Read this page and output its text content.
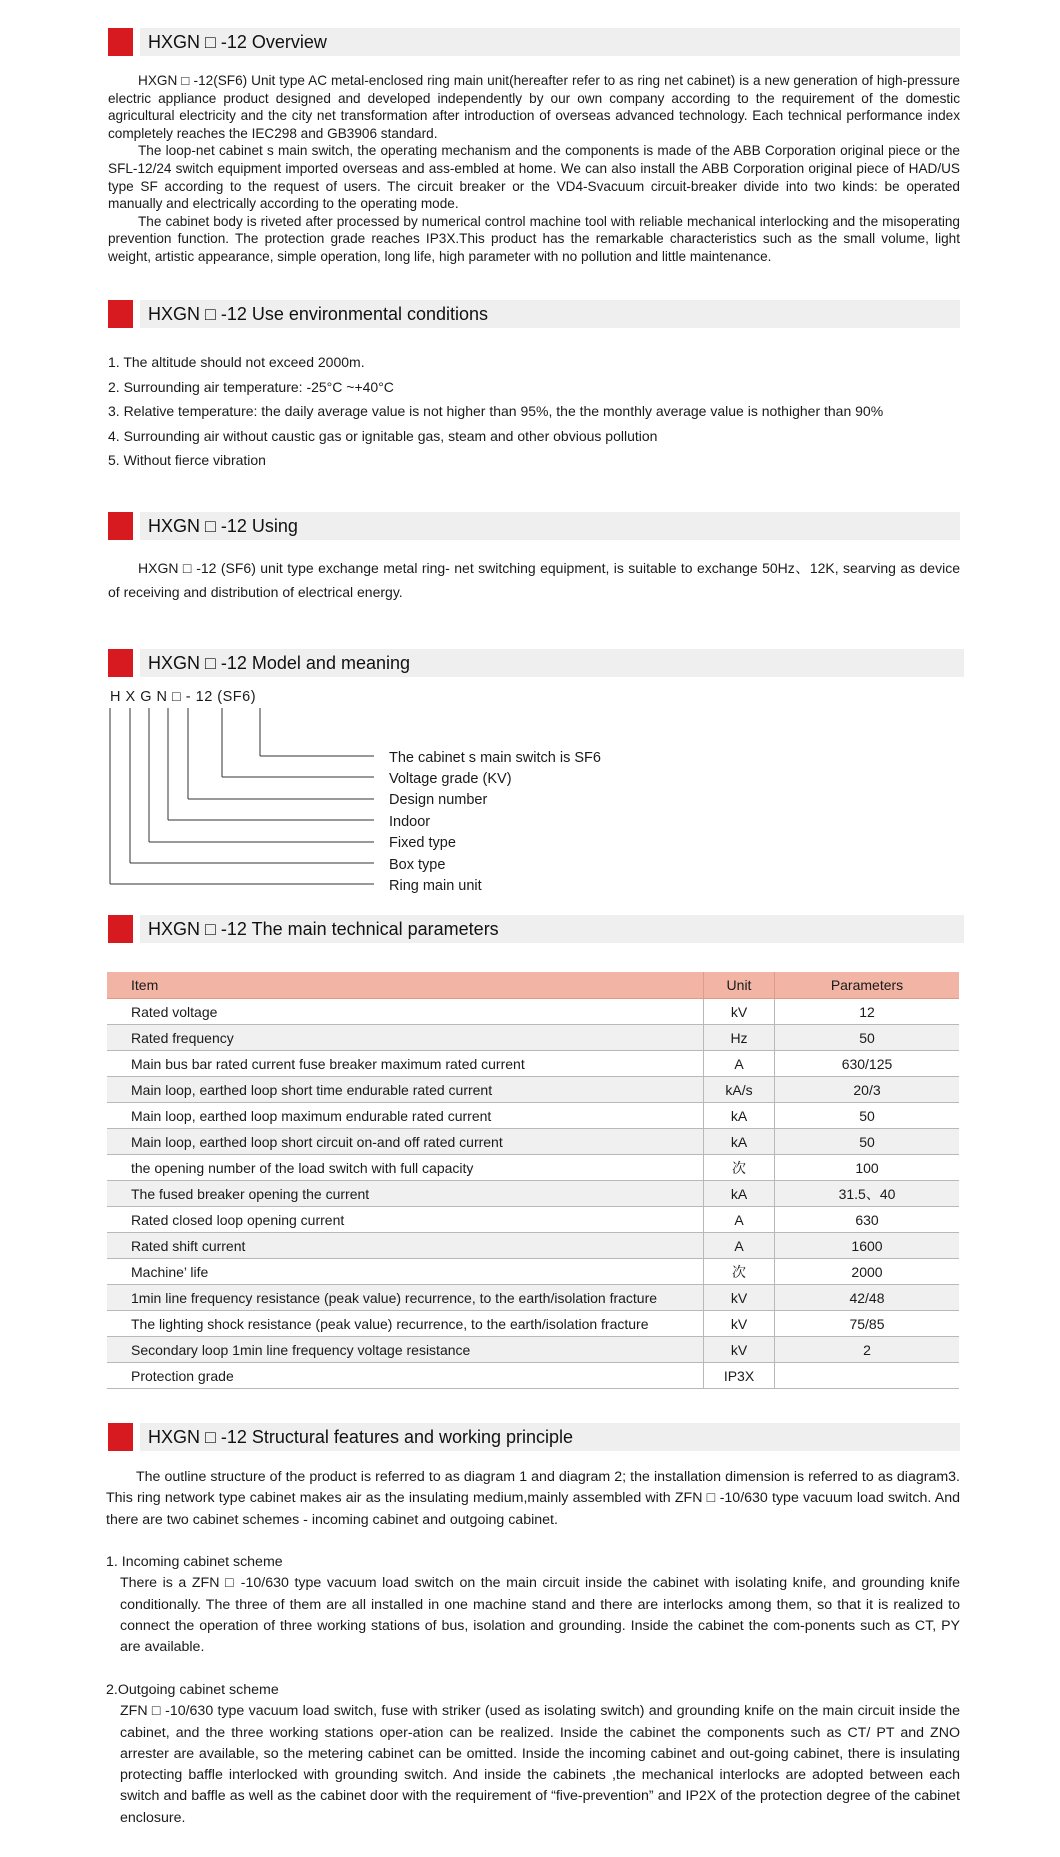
HXGN □ -12 Overview

HXGN □ -12(SF6) Unit type AC metal-enclosed ring main unit(hereafter refer to as ring net cabinet) is a new generation of high-pressure electric appliance product designed and developed independently by our own company according to the requirement of the domestic agricultural electricity and the city net transformation after introduction of overseas advanced technology. Each technical performance index completely reaches the IEC298 and GB3906 standard.

The loop-net cabinet s main switch, the operating mechanism and the components is made of the ABB Corporation original piece or the SFL-12/24 switch equipment imported overseas and ass-embled at home. We can also install the ABB Corporation original piece of HAD/US type SF according to the request of users. The circuit breaker or the VD4-Svacuum circuit-breaker divide into two kinds: be operated manually and electrically according to the operating mode.

The cabinet body is riveted after processed by numerical control machine tool with reliable mechanical interlocking and the misoperating prevention function. The protection grade reaches IP3X.This product has the remarkable characteristics such as the small volume, light weight, artistic appearance, simple operation, long life, high parameter with no pollution and little maintenance.

HXGN □ -12 Use environmental conditions
1. The altitude should not exceed 2000m.
2. Surrounding air temperature: -25°C ~+40°C
3. Relative temperature: the daily average value is not higher than 95%, the the monthly average value is nothigher than 90%
4. Surrounding air without caustic gas or ignitable gas, steam and other obvious pollution
5. Without fierce vibration
HXGN □ -12 Using

HXGN □ -12 (SF6) unit type exchange metal ring- net switching equipment, is suitable to exchange 50Hz、12K, searving as device of receiving and distribution of electrical energy.

HXGN □ -12 Model and meaning
H X G N □ - 12 (SF6)
The cabinet s main switch is SF6
Voltage grade (KV)
Design number
Indoor
Fixed type
Box type
Ring main unit
HXGN □ -12 The main technical parameters
Item	Unit	Parameters
Rated voltage	kV	12
Rated frequency	Hz	50
Main bus bar rated current fuse breaker maximum rated current	A	630/125
Main loop, earthed loop short time endurable rated current	kA/s	20/3
Main loop, earthed loop maximum endurable rated current	kA	50
Main loop, earthed loop short circuit on-and off rated current	kA	50
the opening number of the load switch with full capacity	次	100
The fused breaker opening the current	kA	31.5、40
Rated closed loop opening current	A	630
Rated shift current	A	1600
Machine’ life	次	2000
1min line frequency resistance (peak value) recurrence, to the earth/isolation fracture	kV	42/48
The lighting shock resistance (peak value) recurrence, to the earth/isolation fracture	kV	75/85
Secondary loop 1min line frequency voltage resistance	kV	2
Protection grade	IP3X	
HXGN □ -12 Structural features and working principle

The outline structure of the product is referred to as diagram 1 and diagram 2; the installation dimension is referred to as diagram3. This ring network type cabinet makes air as the insulating medium,mainly assembled with ZFN □ -10/630 type vacuum load switch. And there are two cabinet schemes - incoming cabinet and outgoing cabinet.

1. Incoming cabinet scheme

There is a ZFN □ -10/630 type vacuum load switch on the main circuit inside the cabinet with isolating knife, and grounding knife conditionally. The three of them are all installed in one machine stand and there are interlocks among them, so that it is realized to connect the operation of three working stations of bus, isolation and grounding. Inside the cabinet the com-ponents such as CT, PY are available.

2.Outgoing cabinet scheme

ZFN □ -10/630 type vacuum load switch, fuse with striker (used as isolating switch) and grounding knife on the main circuit inside the cabinet, and the three working stations oper-ation can be realized. Inside the cabinet the components such as CT/ PT and ZNO arrester are available, so the metering cabinet can be omitted. Inside the incoming cabinet and out-going cabinet, there is insulating protecting baffle interlocked with grounding switch. And inside the cabinets ,the mechanical interlocks are adopted between each switch and baffle as well as the cabinet door with the requirement of “five-prevention” and IP2X of the protection degree of the cabinet enclosure.
